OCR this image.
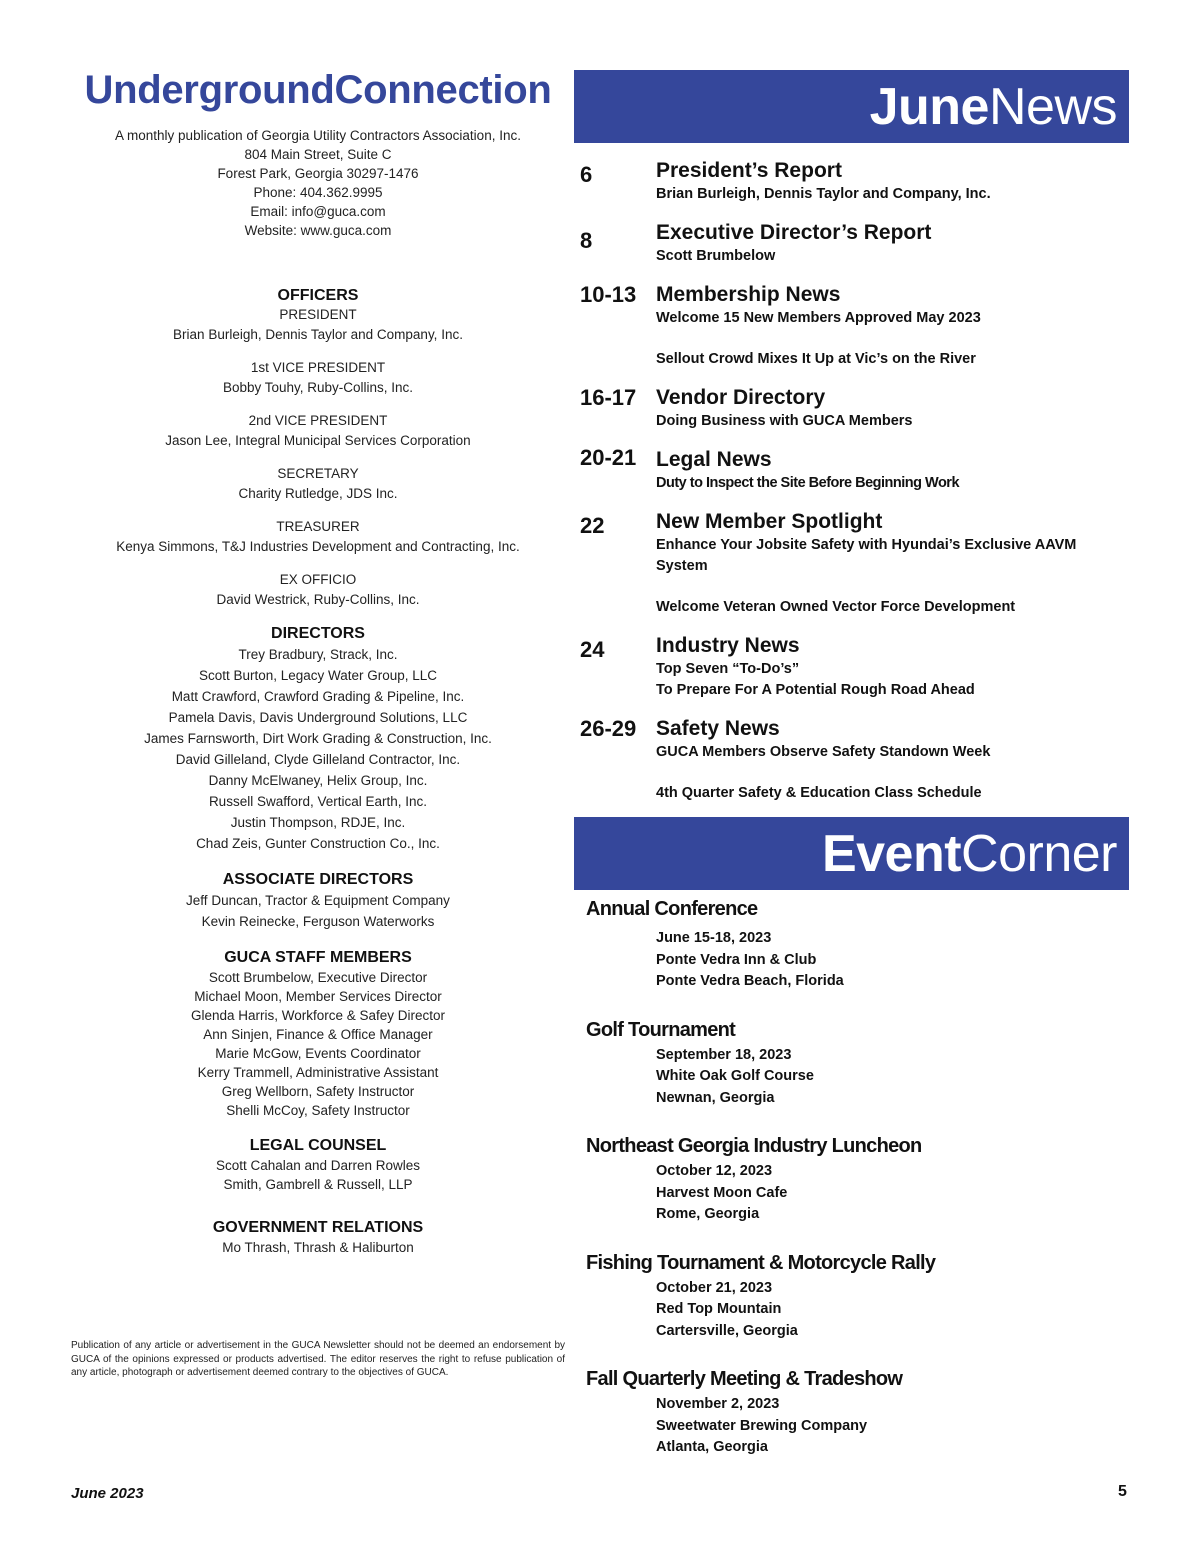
UndergroundConnection
A monthly publication of Georgia Utility Contractors Association, Inc.
804 Main Street, Suite C
Forest Park, Georgia 30297-1476
Phone: 404.362.9995
Email: info@guca.com
Website: www.guca.com
OFFICERS
PRESIDENT
Brian Burleigh, Dennis Taylor and Company, Inc.
1st VICE PRESIDENT
Bobby Touhy, Ruby-Collins, Inc.
2nd VICE PRESIDENT
Jason Lee, Integral Municipal Services Corporation
SECRETARY
Charity Rutledge, JDS Inc.
TREASURER
Kenya Simmons, T&J Industries Development and Contracting, Inc.
EX OFFICIO
David Westrick, Ruby-Collins, Inc.
DIRECTORS
Trey Bradbury, Strack, Inc.
Scott Burton, Legacy Water Group, LLC
Matt Crawford, Crawford Grading & Pipeline, Inc.
Pamela Davis, Davis Underground Solutions, LLC
James Farnsworth, Dirt Work Grading & Construction, Inc.
David Gilleland, Clyde Gilleland Contractor, Inc.
Danny McElwaney, Helix Group, Inc.
Russell Swafford, Vertical Earth, Inc.
Justin Thompson, RDJE, Inc.
Chad Zeis, Gunter Construction Co., Inc.
ASSOCIATE DIRECTORS
Jeff Duncan, Tractor & Equipment Company
Kevin Reinecke, Ferguson Waterworks
GUCA STAFF MEMBERS
Scott Brumbelow, Executive Director
Michael Moon, Member Services Director
Glenda Harris, Workforce & Safey Director
Ann Sinjen, Finance & Office Manager
Marie McGow, Events Coordinator
Kerry Trammell, Administrative Assistant
Greg Wellborn, Safety Instructor
Shelli McCoy, Safety Instructor
LEGAL COUNSEL
Scott Cahalan and Darren Rowles
Smith, Gambrell & Russell, LLP
GOVERNMENT RELATIONS
Mo Thrash, Thrash & Haliburton
Publication of any article or advertisement in the GUCA Newsletter should not be deemed an endorsement by GUCA of the opinions expressed or products advertised. The editor reserves the right to refuse publication of any article, photograph or advertisement deemed contrary to the objectives of GUCA.
JuneNews
6	President’s Report
Brian Burleigh, Dennis Taylor and Company, Inc.
8	Executive Director’s Report
Scott Brumbelow
10-13 Membership News
Welcome 15 New Members Approved May 2023
Sellout Crowd Mixes It Up at Vic’s on the River
16-17 Vendor Directory
Doing Business with GUCA Members
20-21 Legal News
Duty to Inspect the Site Before Beginning Work
22 New Member Spotlight
Enhance Your Jobsite Safety with Hyundai’s Exclusive AAVM System
Welcome Veteran Owned Vector Force Development
24 Industry News
Top Seven “To-Do’s”
To Prepare For A Potential Rough Road Ahead
26-29 Safety News
GUCA Members Observe Safety Standown Week
4th Quarter Safety & Education Class Schedule
EventCorner
Annual Conference
June 15-18, 2023
Ponte Vedra Inn & Club
Ponte Vedra Beach, Florida
Golf Tournament
September 18, 2023
White Oak Golf Course
Newnan, Georgia
Northeast Georgia Industry Luncheon
October 12, 2023
Harvest Moon Cafe
Rome, Georgia
Fishing Tournament & Motorcycle Rally
October 21, 2023
Red Top Mountain
Cartersville, Georgia
Fall Quarterly Meeting & Tradeshow
November 2, 2023
Sweetwater Brewing Company
Atlanta, Georgia
June 2023	5
